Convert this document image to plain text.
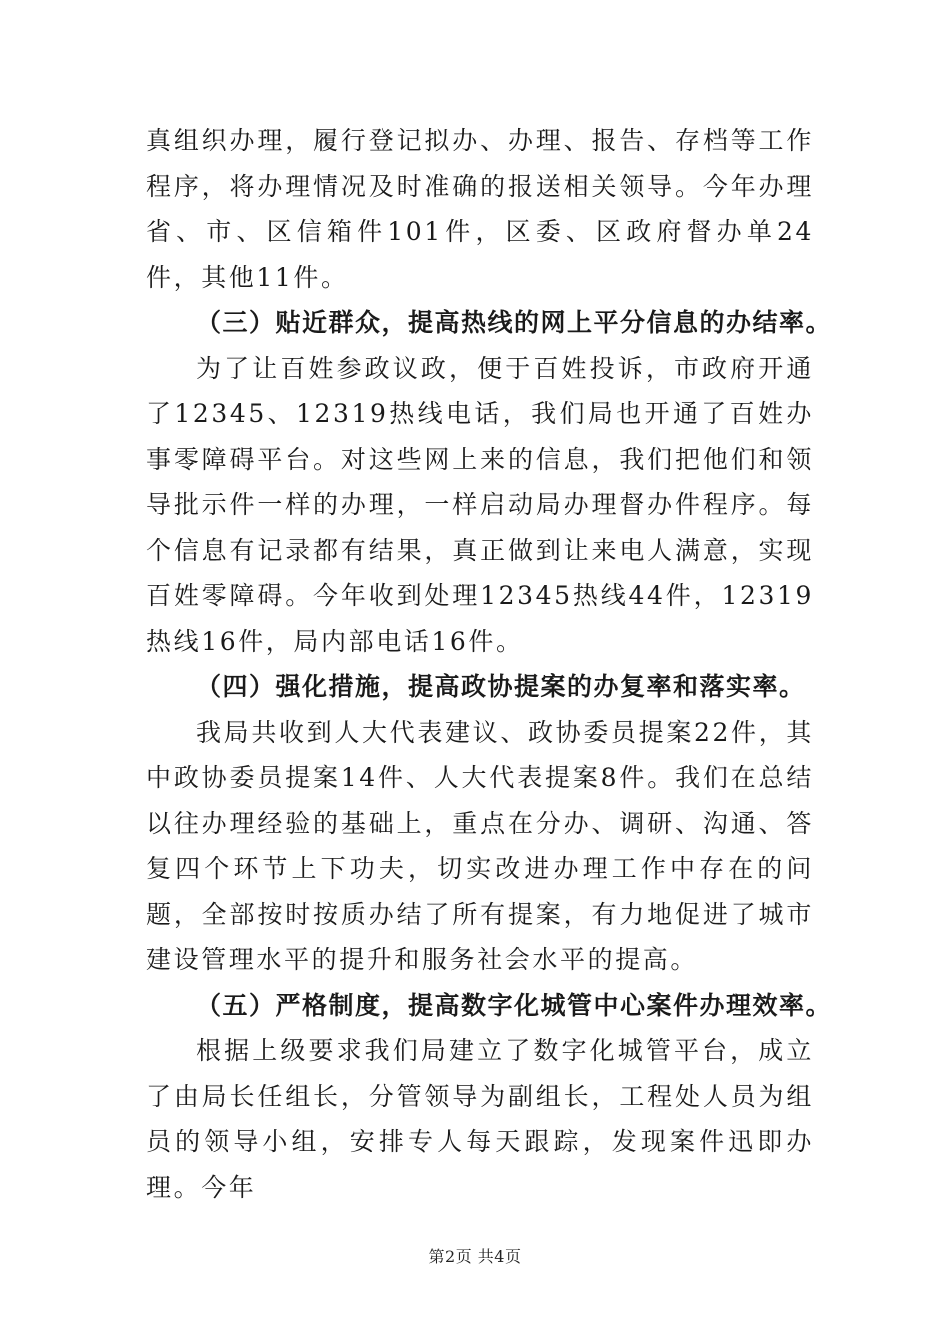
真组织办理，履行登记拟办、办理、报告、存档等工作程序，将办理情况及时准确的报送相关领导。今年办理省、市、区信箱件101件，区委、区政府督办单24件，其他11件。

（三）贴近群众，提高热线的网上平分信息的办结率。

为了让百姓参政议政，便于百姓投诉，市政府开通了12345、12319热线电话，我们局也开通了百姓办事零障碍平台。对这些网上来的信息，我们把他们和领导批示件一样的办理，一样启动局办理督办件程序。每个信息有记录都有结果，真正做到让来电人满意，实现百姓零障碍。今年收到处理12345热线44件，12319热线16件，局内部电话16件。

（四）强化措施，提高政协提案的办复率和落实率。

我局共收到人大代表建议、政协委员提案22件，其中政协委员提案14件、人大代表提案8件。我们在总结以往办理经验的基础上，重点在分办、调研、沟通、答复四个环节上下功夫，切实改进办理工作中存在的问题，全部按时按质办结了所有提案，有力地促进了城市建设管理水平的提升和服务社会水平的提高。

（五）严格制度，提高数字化城管中心案件办理效率。

根据上级要求我们局建立了数字化城管平台，成立了由局长任组长，分管领导为副组长，工程处人员为组员的领导小组，安排专人每天跟踪，发现案件迅即办理。今年

第2页 共4页
